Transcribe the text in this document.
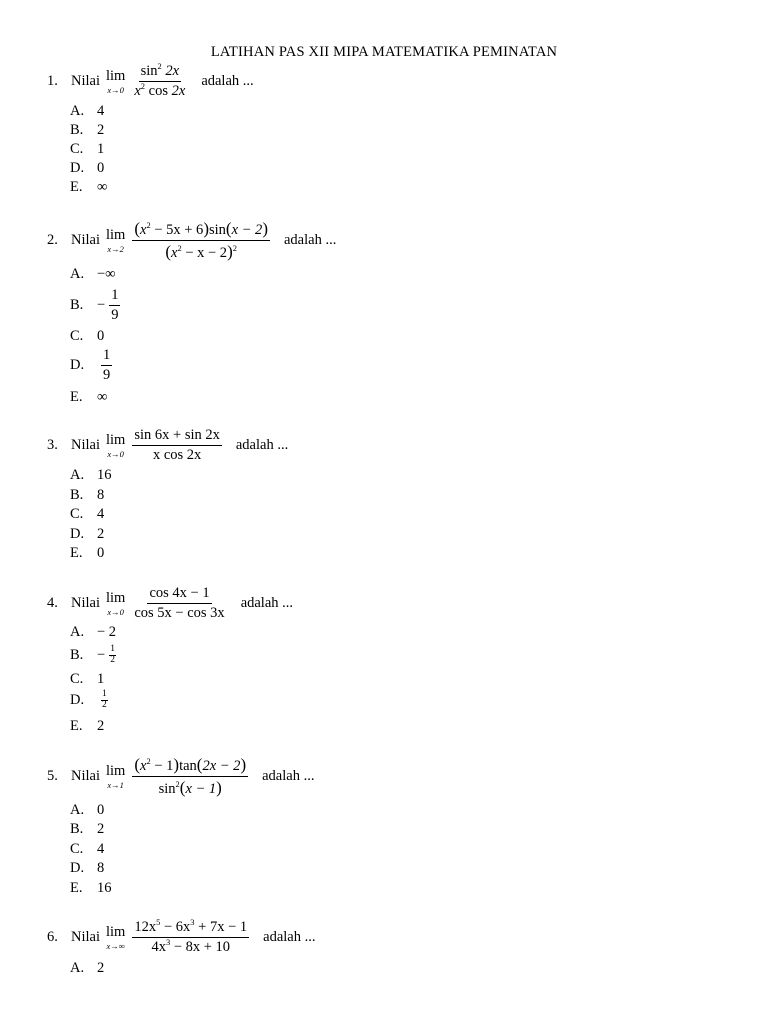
LATIHAN PAS XII MIPA MATEMATIKA PEMINATAN
1. Nilai lim
$x\to 0 \frac{\sin^2 2x}{x^2 \cos 2x}$ adalah ...
A. 4
B. 2
C. 1
D. 0
E.	∞
2. Nilai lim
$x\to 2 \frac{(x^2 - 5x + 6)\sin(x - 2)}{(x^2 - x - 2)^2}$ adalah ...
A. −∞
B. − $\frac{1}{9}$
C. 0
D.	$\frac{1}{9}$
E.	∞
3. Nilai lim
$x\to 0 \frac{\sin 6x + \sin 2x}{\text{x cos 2x}}$ adalah ...
A. 16
B. 8
C. 4
D. 2
E.	0
4. Nilai lim
$x\to 0 \frac{\cos 4x - 1}{\cos 5x - \cos 3x}$ adalah ...
A. − 2
B. − $\frac{1}{2}$
C. 1
D.	$\frac{1}{2}$
E.	2
5. Nilai lim
$x\to 1 \frac{(x^2 - 1)\tan(2x - 2)}{\sin^2(x - 1)}$ adalah ...
A. 0
B. 2
C. 4
D. 8
E.	16
6. Nilai lim
$x\to\infty \frac{12x^5 - 6x^3 + 7x - 1}{4x^3 - 8x + 10}$ adalah ...
A. 2
